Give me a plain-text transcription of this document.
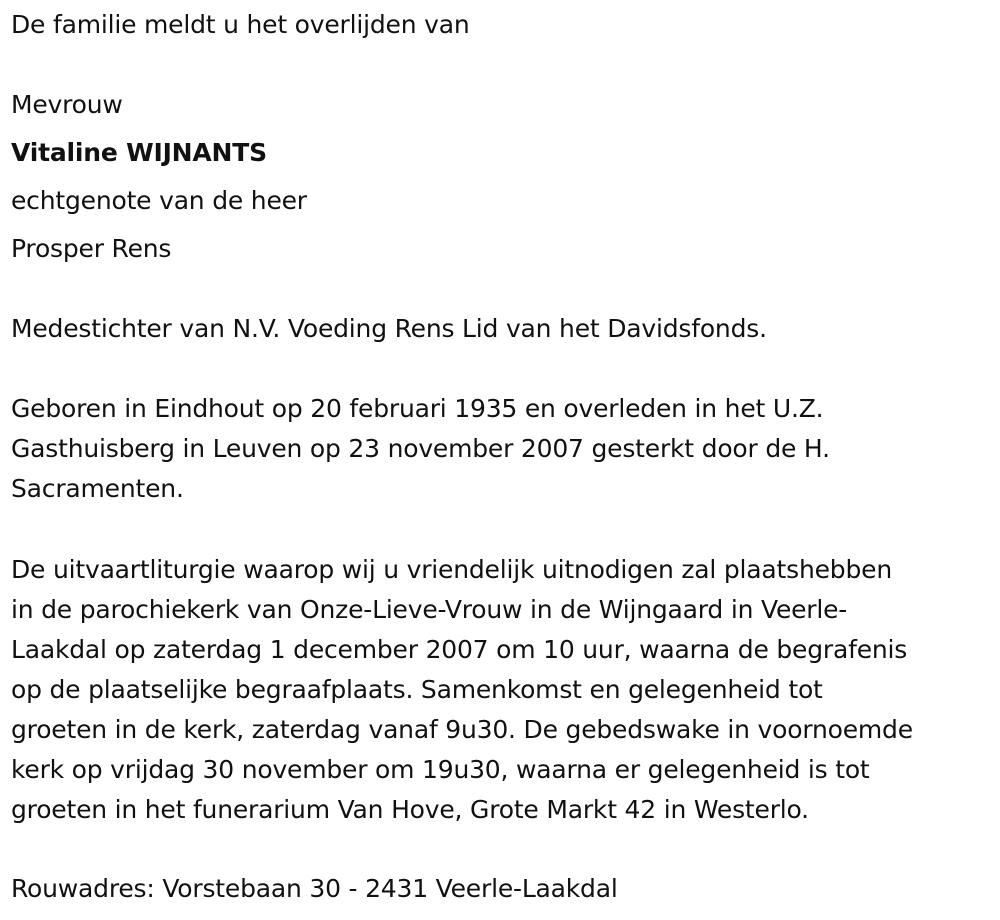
De familie meldt u het overlijden van
Mevrouw
Vitaline WIJNANTS
echtgenote van de heer
Prosper Rens
Medestichter van N.V. Voeding Rens Lid van het Davidsfonds.
Geboren in Eindhout op 20 februari 1935 en overleden in het U.Z.
Gasthuisberg in Leuven op 23 november 2007 gesterkt door de H.
Sacramenten.
De uitvaartliturgie waarop wij u vriendelijk uitnodigen zal plaatshebben
in de parochiekerk van Onze-Lieve-Vrouw in de Wijngaard in Veerle-
Laakdal op zaterdag 1 december 2007 om 10 uur, waarna de begrafenis
op de plaatselijke begraafplaats. Samenkomst en gelegenheid tot
groeten in de kerk, zaterdag vanaf 9u30. De gebedswake in voornoemde
kerk op vrijdag 30 november om 19u30, waarna er gelegenheid is tot
groeten in het funerarium Van Hove, Grote Markt 42 in Westerlo.
Rouwadres: Vorstebaan 30 - 2431 Veerle-Laakdal
